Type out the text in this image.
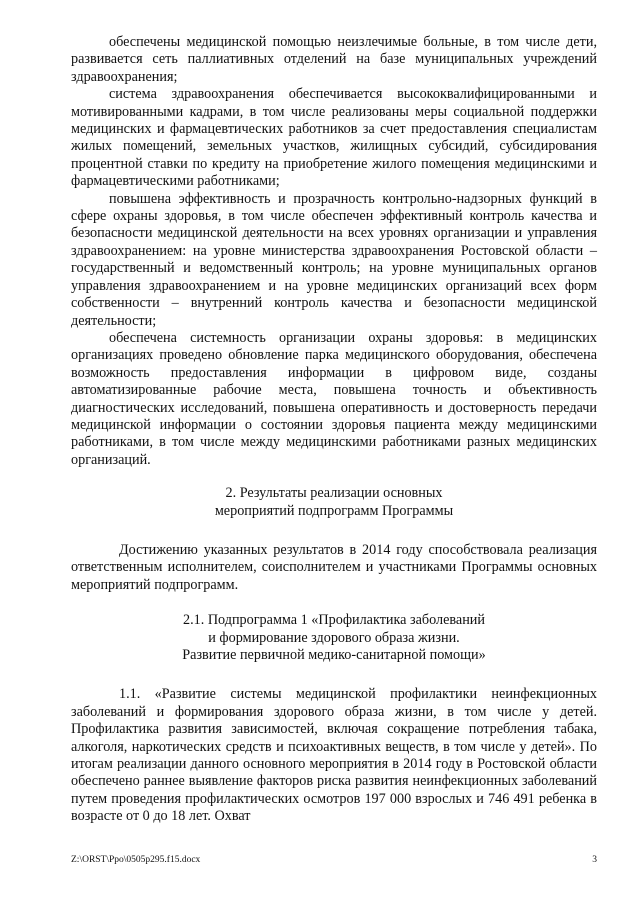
обеспечены медицинской помощью неизлечимые больные, в том числе дети, развивается сеть паллиативных отделений на базе муниципальных учреждений здравоохранения;

система здравоохранения обеспечивается высококвалифицированными и мотивированными кадрами, в том числе реализованы меры социальной поддержки медицинских и фармацевтических работников за счет предоставления специалистам жилых помещений, земельных участков, жилищных субсидий, субсидирования процентной ставки по кредиту на приобретение жилого помещения медицинскими и фармацевтическими работниками;

повышена эффективность и прозрачность контрольно-надзорных функций в сфере охраны здоровья, в том числе обеспечен эффективный контроль качества и безопасности медицинской деятельности на всех уровнях организации и управления здравоохранением: на уровне министерства здравоохранения Ростовской области – государственный и ведомственный контроль; на уровне муниципальных органов управления здравоохранением и на уровне медицинских организаций всех форм собственности – внутренний контроль качества и безопасности медицинской деятельности;

обеспечена системность организации охраны здоровья: в медицинских организациях проведено обновление парка медицинского оборудования, обеспечена возможность предоставления информации в цифровом виде, созданы автоматизированные рабочие места, повышена точность и объективность диагностических исследований, повышена оперативность и достоверность передачи медицинской информации о состоянии здоровья пациента между медицинскими работниками, в том числе между медицинскими работниками разных медицинских организаций.

2. Результаты реализации основных
мероприятий подпрограмм Программы

Достижению указанных результатов в 2014 году способствовала реализация ответственным исполнителем, соисполнителем и участниками Программы основных мероприятий подпрограмм.

2.1. Подпрограмма 1 «Профилактика заболеваний
и формирование здорового образа жизни.
Развитие первичной медико-санитарной помощи»

1.1. «Развитие системы медицинской профилактики неинфекционных заболеваний и формирования здорового образа жизни, в том числе у детей. Профилактика развития зависимостей, включая сокращение потребления табака, алкоголя, наркотических средств и психоактивных веществ, в том числе у детей». По итогам реализации данного основного мероприятия в 2014 году в Ростовской области обеспечено раннее выявление факторов риска развития неинфекционных заболеваний путем проведения профилактических осмотров 197 000 взрослых и 746 491 ребенка в возрасте от 0 до 18 лет. Охват

Z:\ORST\Ppo\0505p295.f15.docx	3
